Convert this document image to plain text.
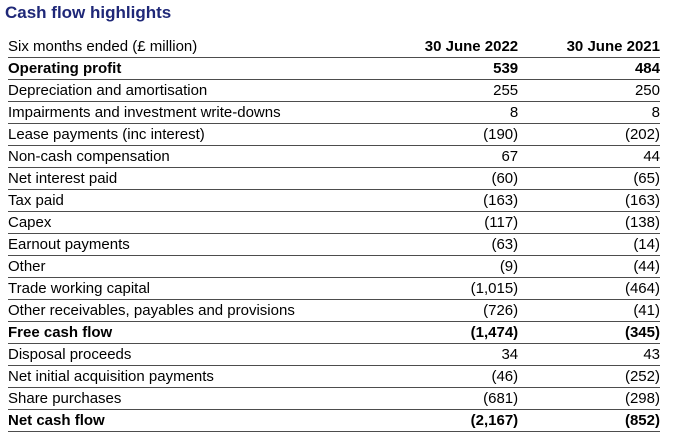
Cash flow highlights
Six months ended (£ million)	30 June 2022	30 June 2021
Operating profit	539	484
Depreciation and amortisation	255	250
Impairments and investment write-downs	8	8
Lease payments (inc interest)	(190)	(202)
Non-cash compensation	67	44
Net interest paid	(60)	(65)
Tax paid	(163)	(163)
Capex	(117)	(138)
Earnout payments	(63)	(14)
Other	(9)	(44)
Trade working capital	(1,015)	(464)
Other receivables, payables and provisions	(726)	(41)
Free cash flow	(1,474)	(345)
Disposal proceeds	34	43
Net initial acquisition payments	(46)	(252)
Share purchases	(681)	(298)
Net cash flow	(2,167)	(852)
